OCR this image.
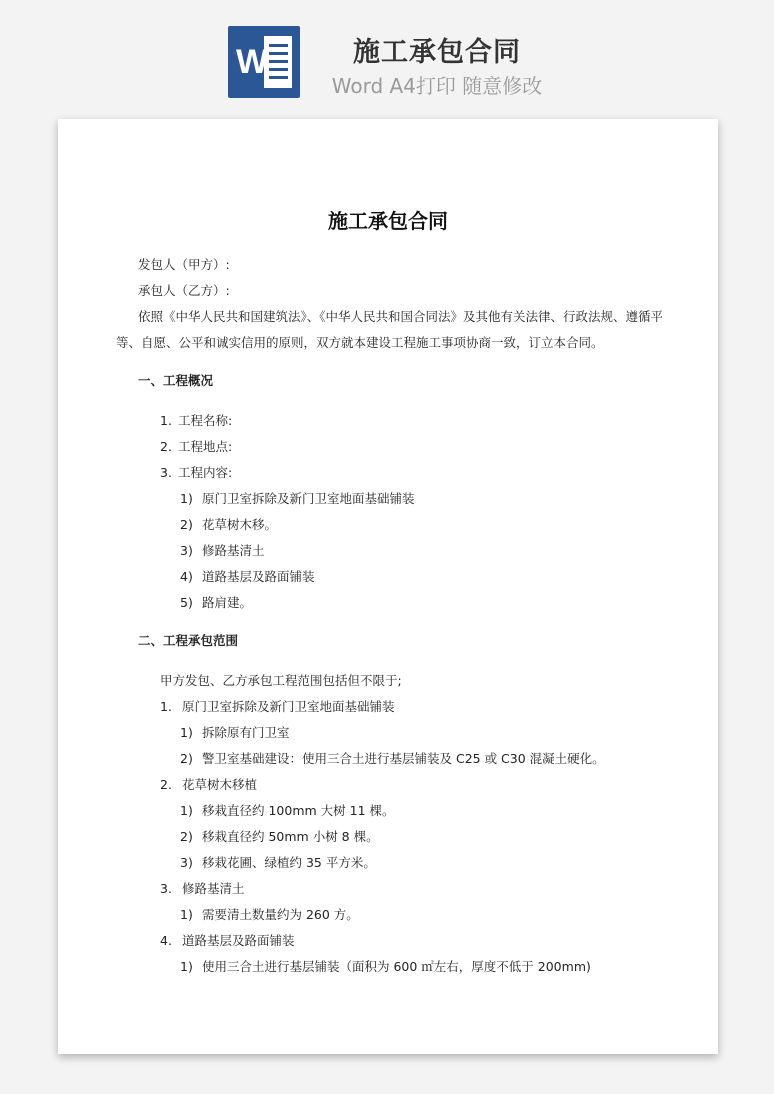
W	施工承包合同
Word A4打印 随意修改
施工承包合同
发包人（甲方）:
承包人（乙方）:
依照《中华人民共和国建筑法》、《中华人民共和国合同法》及其他有关法律、行政法规、遵循平
等、自愿、公平和诚实信用的原则，双方就本建设工程施工事项协商一致，订立本合同。
一、工程概况
1. 工程名称:
2. 工程地点:
3. 工程内容:
1) 原门卫室拆除及新门卫室地面基础铺装
2) 花草树木移。
3) 修路基清土
4) 道路基层及路面铺装
5) 路肩建。
二、工程承包范围
甲方发包、乙方承包工程范围包括但不限于;
1. 原门卫室拆除及新门卫室地面基础铺装
1) 拆除原有门卫室
2) 警卫室基础建设：使用三合土进行基层铺装及 C25 或 C30 混凝土硬化。
2. 花草树木移植
1) 移栽直径约 100mm 大树 11 棵。
2) 移栽直径约 50mm 小树 8 棵。
3) 移栽花圃、绿植约 35 平方米。
3. 修路基清土
1) 需要清土数量约为 260 方。
4. 道路基层及路面铺装
1) 使用三合土进行基层铺装（面积为 600 ㎡左右，厚度不低于 200mm)
